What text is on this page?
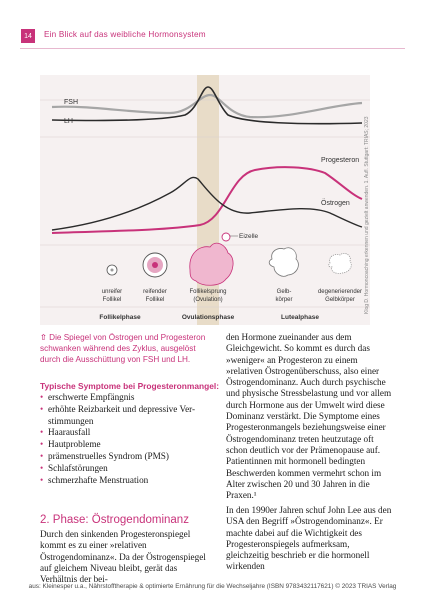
14	Ein Blick auf das weibliche Hormonsystem
FSH
LH
Progesteron
Östrogen
Eizelle
unreifer
Follikel
reifender
Follikel
Follikelsprung
(Ovulation)
Gelb-
körper
degenerierender
Gelbkörper
Follikelphase	Ovulationsphase	Lutealphase
Klog D. Hormoncoaching erkennen und gezielt anwenden. 1. Aufl. Stuttgart: TRIAS; 2023
⇧ Die Spiegel von Östrogen und Progesteron schwanken während des Zyklus, ausgelöst durch die Ausschüttung von FSH und LH.
Typische Symptome bei Progesteronmangel:
• erschwerte Empfängnis
• erhöhte Reizbarkeit und depressive Ver-
stimmungen
• Haarausfall
• Hautprobleme
• prämenstruelles Syndrom (PMS)
• Schlafstörungen
• schmerzhafte Menstruation
2. Phase: Östrogendominanz
Durch den sinkenden Progesteronspiegel kommt es zu einer »relativen Östrogendominanz«. Da der Östrogenspiegel auf gleichem Niveau bleibt, gerät das Verhältnis der bei-
den Hormone zueinander aus dem Gleichgewicht. So kommt es durch das »weniger« an Progesteron zu einem »relativen Östrogenüberschuss, also einer Östrogendominanz. Auch durch psychische und physische Stressbelastung und vor allem durch Hormone aus der Umwelt wird diese Dominanz verstärkt. Die Symptome eines Progesteronmangels beziehungsweise einer Östrogendominanz treten heutzutage oft schon deutlich vor der Prämenopause auf. Patientinnen mit hormonell bedingten Beschwerden kommen vermehrt schon im Alter zwischen 20 und 30 Jahren in die Praxen.¹
In den 1990er Jahren schuf John Lee aus den USA den Begriff »Östrogendominanz«. Er machte dabei auf die Wichtigkeit des Progesteronspiegels aufmerksam, gleichzeitig beschrieb er die hormonell wirkenden
aus: Kleinesper u.a., Nährstofftherapie & optimierte Ernährung für die Wechseljahre (ISBN 9783432117621) © 2023 TRIAS Verlag
